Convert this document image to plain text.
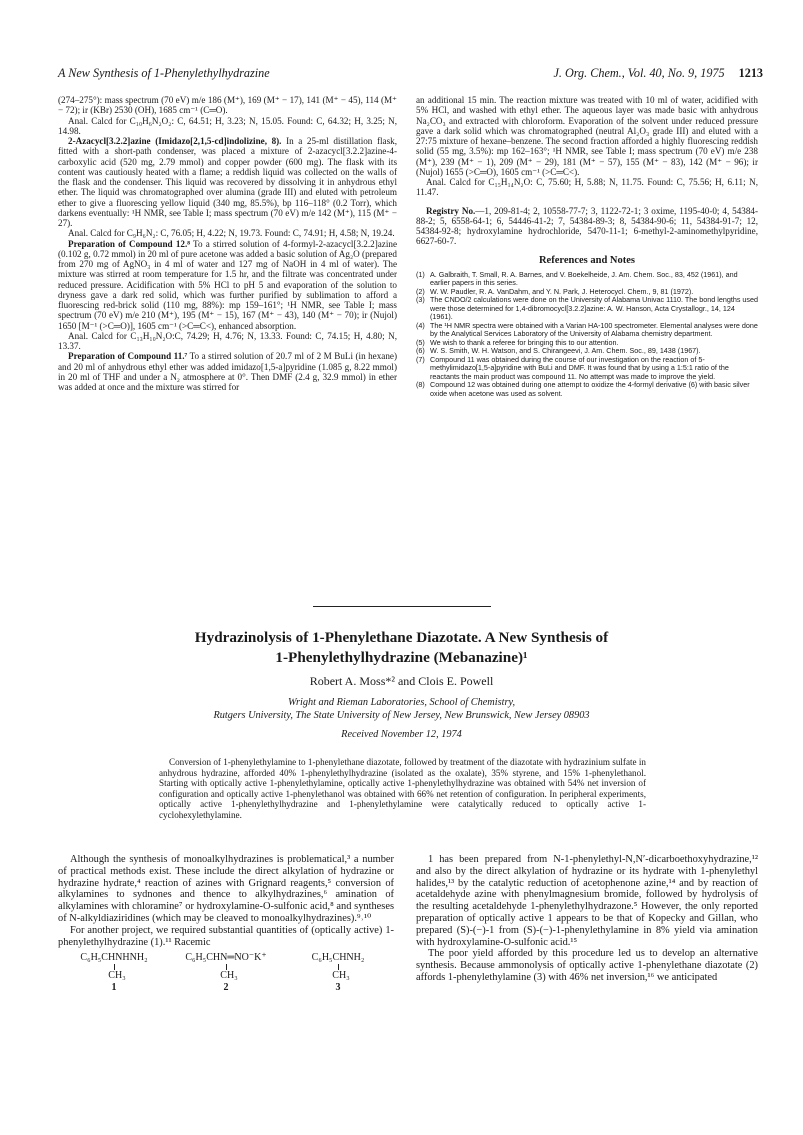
A New Synthesis of 1-Phenylethylhydrazine	J. Org. Chem., Vol. 40, No. 9, 1975 1213

(274–275°): mass spectrum (70 eV) m/e 186 (M⁺), 169 (M⁺ − 17), 141 (M⁺ − 45), 114 (M⁺ − 72); ir (KBr) 2530 (OH), 1685 cm⁻¹ (C═O).

Anal. Calcd for C₁₀H₆N₂O₂: C, 64.51; H, 3.23; N, 15.05. Found: C, 64.32; H, 3.25; N, 14.98.

2-Azacycl[3.2.2]azine (Imidazo[2,1,5-cd]indolizine, 8). In a 25-ml distillation flask, fitted with a short-path condenser, was placed a mixture of 2-azacycl[3.2.2]azine-4-carboxylic acid (520 mg, 2.79 mmol) and copper powder (600 mg). The flask with its content was cautiously heated with a flame; a reddish liquid was collected on the walls of the flask and the condenser. This liquid was recovered by dissolving it in anhydrous ethyl ether. The liquid was chromatographed over alumina (grade III) and eluted with petroleum ether to give a fluorescing yellow liquid (340 mg, 85.5%), bp 116–118° (0.2 Torr), which darkens eventually: ¹H NMR, see Table I; mass spectrum (70 eV) m/e 142 (M⁺), 115 (M⁺ − 27).

Anal. Calcd for C₉H₆N₂: C, 76.05; H, 4.22; N, 19.73. Found: C, 74.91; H, 4.58; N, 19.24.

Preparation of Compound 12.⁸ To a stirred solution of 4-formyl-2-azacycl[3.2.2]azine (0.102 g, 0.72 mmol) in 20 ml of pure acetone was added a basic solution of Ag₂O (prepared from 270 mg of AgNO₃ in 4 ml of water and 127 mg of NaOH in 4 ml of water). The mixture was stirred at room temperature for 1.5 hr, and the filtrate was concentrated under reduced pressure. Acidification with 5% HCl to pH 5 and evaporation of the solution to dryness gave a dark red solid, which was further purified by sublimation to afford a fluorescing red-brick solid (110 mg, 88%): mp 159–161°; ¹H NMR, see Table I; mass spectrum (70 eV) m/e 210 (M⁺), 195 (M⁺ − 15), 167 (M⁺ − 43), 140 (M⁺ − 70); ir (Nujol) 1650 [M⁻¹ (>C═O)], 1605 cm⁻¹ (>C═C<), enhanced absorption.

Anal. Calcd for C₁₃H₁₀N₂O:C, 74.29; H, 4.76; N, 13.33. Found: C, 74.15; H, 4.80; N, 13.37.

Preparation of Compound 11.⁷ To a stirred solution of 20.7 ml of 2 M BuLi (in hexane) and 20 ml of anhydrous ethyl ether was added imidazo[1,5-a]pyridine (1.085 g, 8.22 mmol) in 20 ml of THF and under a N₂ atmosphere at 0°. Then DMF (2.4 g, 32.9 mmol) in ether was added at once and the mixture was stirred for

an additional 15 min. The reaction mixture was treated with 10 ml of water, acidified with 5% HCl, and washed with ethyl ether. The aqueous layer was made basic with anhydrous Na₂CO₃ and extracted with chloroform. Evaporation of the solvent under reduced pressure gave a dark solid which was chromatographed (neutral Al₂O₃ grade III) and eluted with a 27:75 mixture of hexane–benzene. The second fraction afforded a highly fluorescing reddish solid (55 mg, 3.5%): mp 162–163°; ¹H NMR, see Table I; mass spectrum (70 eV) m/e 238 (M⁺), 239 (M⁺ − 1), 209 (M⁺ − 29), 181 (M⁺ − 57), 155 (M⁺ − 83), 142 (M⁺ − 96); ir (Nujol) 1655 (>C═O), 1605 cm⁻¹ (>C═C<).

Anal. Calcd for C₁₅H₁₄N₂O: C, 75.60; H, 5.88; N, 11.75. Found: C, 75.56; H, 6.11; N, 11.47.

Registry No.—1, 209-81-4; 2, 10558-77-7; 3, 1122-72-1; 3 oxime, 1195-40-0; 4, 54384-88-2; 5, 6558-64-1; 6, 54446-41-2; 7, 54384-89-3; 8, 54384-90-6; 11, 54384-91-7; 12, 54384-92-8; hydroxylamine hydrochloride, 5470-11-1; 6-methyl-2-aminomethylpyridine, 6627-60-7.

References and Notes
(1) A. Galbraith, T. Small, R. A. Barnes, and V. Boekelheide, J. Am. Chem. Soc., 83, 452 (1961), and earlier papers in this series.
(2) W. W. Paudler, R. A. VanDahm, and Y. N. Park, J. Heterocycl. Chem., 9, 81 (1972).
(3) The CNDO/2 calculations were done on the University of Alabama Univac 1110. The bond lengths used were those determined for 1,4-dibromocycl[3.2.2]azine: A. W. Hanson, Acta Crystallogr., 14, 124 (1961).
(4) The ¹H NMR spectra were obtained with a Varian HA-100 spectrometer. Elemental analyses were done by the Analytical Services Laboratory of the University of Alabama chemistry department.
(5) We wish to thank a referee for bringing this to our attention.
(6) W. S. Smith, W. H. Watson, and S. Chirangeevi, J. Am. Chem. Soc., 89, 1438 (1967).
(7) Compound 11 was obtained during the course of our investigation on the reaction of 5-methylimidazo[1,5-a]pyridine with BuLi and DMF. It was found that by using a 1:5:1 ratio of the reactants the main product was compound 11. No attempt was made to improve the yield.
(8) Compound 12 was obtained during one attempt to oxidize the 4-formyl derivative (6) with basic silver oxide when acetone was used as solvent.
Hydrazinolysis of 1-Phenylethane Diazotate. A New Synthesis of
1-Phenylethylhydrazine (Mebanazine)¹
Robert A. Moss*² and Clois E. Powell
Wright and Rieman Laboratories, School of Chemistry,
Rutgers University, The State University of New Jersey, New Brunswick, New Jersey 08903
Received November 12, 1974
Conversion of 1-phenylethylamine to 1-phenylethane diazotate, followed by treatment of the diazotate with hydrazinium sulfate in anhydrous hydrazine, afforded 40% 1-phenylethylhydrazine (isolated as the oxalate), 35% styrene, and 15% 1-phenylethanol. Starting with optically active 1-phenylethylamine, optically active 1-phenylethylhydrazine was obtained with 54% net inversion of configuration and optically active 1-phenylethanol was obtained with 66% net retention of configuration. In peripheral experiments, optically active 1-phenylethylhydrazine and 1-phenylethylamine were catalytically reduced to optically active 1-cyclohexylethylamine.

Although the synthesis of monoalkylhydrazines is problematical,³ a number of practical methods exist. These include the direct alkylation of hydrazine or hydrazine hydrate,⁴ reaction of azines with Grignard reagents,⁵ conversion of alkylamines to sydnones and thence to alkylhydrazines,⁶ amination of alkylamines with chloramine⁷ or hydroxylamine-O-sulfonic acid,⁸ and syntheses of N-alkyldiaziridines (which may be cleaved to monoalkylhydrazines).⁹˒¹⁰

For another project, we required substantial quantities of (optically active) 1-phenylethylhydrazine (1).¹¹ Racemic

C₆H₅CHNHNH₂
CH₃
1
C₆H₅CHN═NO⁻K⁺
CH₃
2
C₆H₅CHNH₂
CH₃
3

1 has been prepared from N-1-phenylethyl-N,N′-dicarboethoxyhydrazine,¹² and also by the direct alkylation of hydrazine or its hydrate with 1-phenylethyl halides,¹³ by the catalytic reduction of acetophenone azine,¹⁴ and by reaction of acetaldehyde azine with phenylmagnesium bromide, followed by hydrolysis of the resulting acetaldehyde 1-phenylethylhydrazone.⁵ However, the only reported preparation of optically active 1 appears to be that of Kopecky and Gillan, who prepared (S)-(−)-1 from (S)-(−)-1-phenylethylamine in 8% yield via amination with hydroxylamine-O-sulfonic acid.¹⁵

The poor yield afforded by this procedure led us to develop an alternative synthesis. Because ammonolysis of optically active 1-phenylethane diazotate (2) affords 1-phenylethylamine (3) with 46% net inversion,¹⁶ we anticipated
